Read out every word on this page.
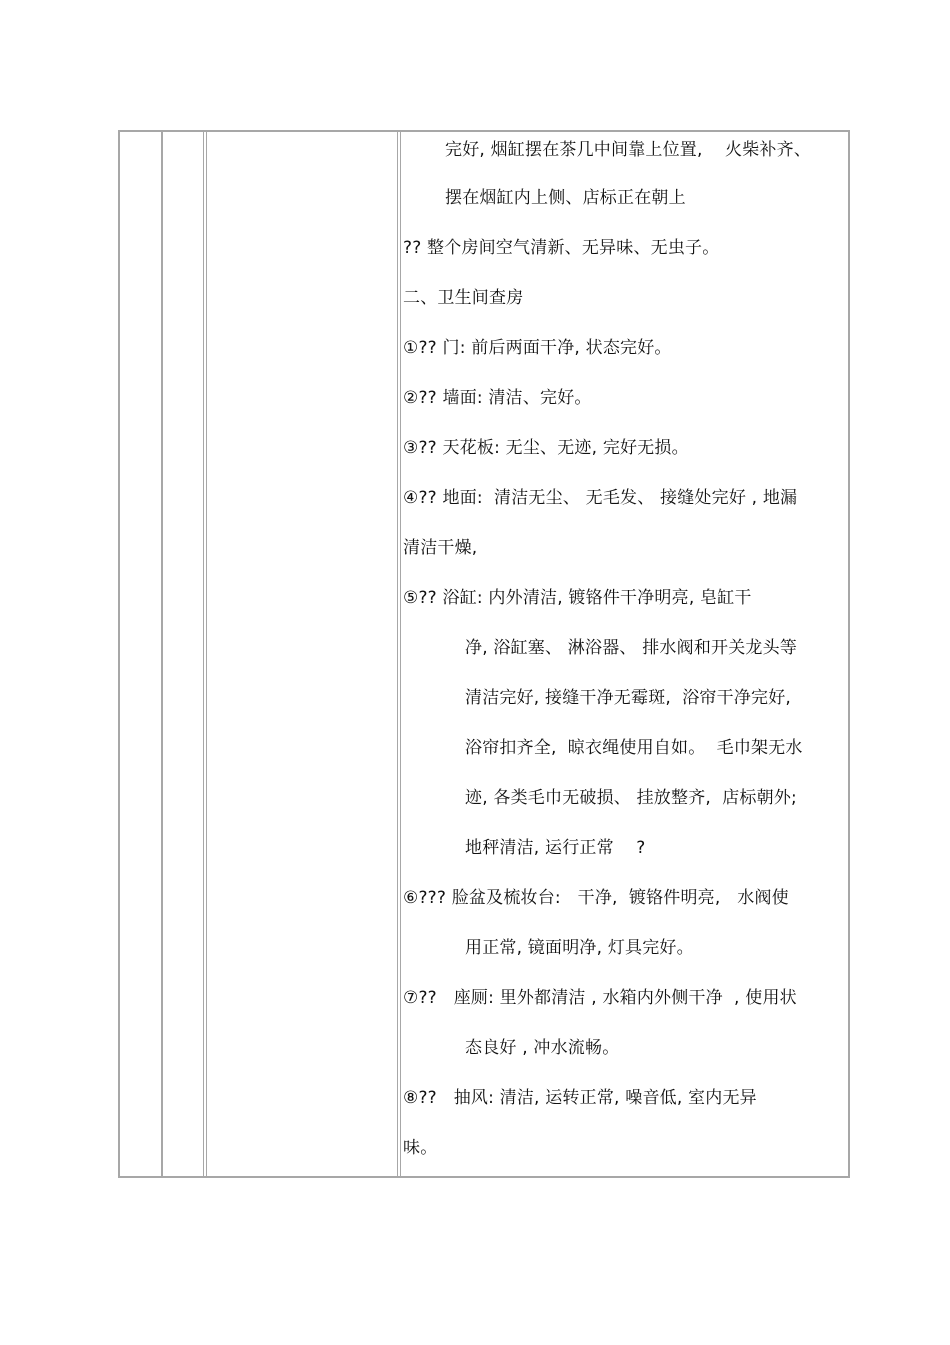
完好, 烟缸摆在茶几中间靠上位置,    火柴补齐、
摆在烟缸内上侧、店标正在朝上
?? 整个房间空气清新、无异味、无虫子。
二、卫生间查房
①?? 门: 前后两面干净, 状态完好。
②?? 墙面: 清洁、完好。
③?? 天花板: 无尘、无迹, 完好无损。
④?? 地面:  清洁无尘、 无毛发、 接缝处完好 , 地漏
清洁干燥,
⑤?? 浴缸: 内外清洁, 镀铬件干净明亮, 皂缸干
净, 浴缸塞、 淋浴器、 排水阀和开关龙头等
清洁完好, 接缝干净无霉斑,  浴帘干净完好,
浴帘扣齐全,  晾衣绳使用自如。  毛巾架无水
迹, 各类毛巾无破损、 挂放整齐,  店标朝外;
地秤清洁, 运行正常    ?
⑥??? 脸盆及梳妆台:   干净,  镀铬件明亮,   水阀使
用正常, 镜面明净, 灯具完好。
⑦??   座厕: 里外都清洁 , 水箱内外侧干净  , 使用状
态良好 , 冲水流畅。
⑧??   抽风: 清洁, 运转正常, 噪音低, 室内无异
味。
